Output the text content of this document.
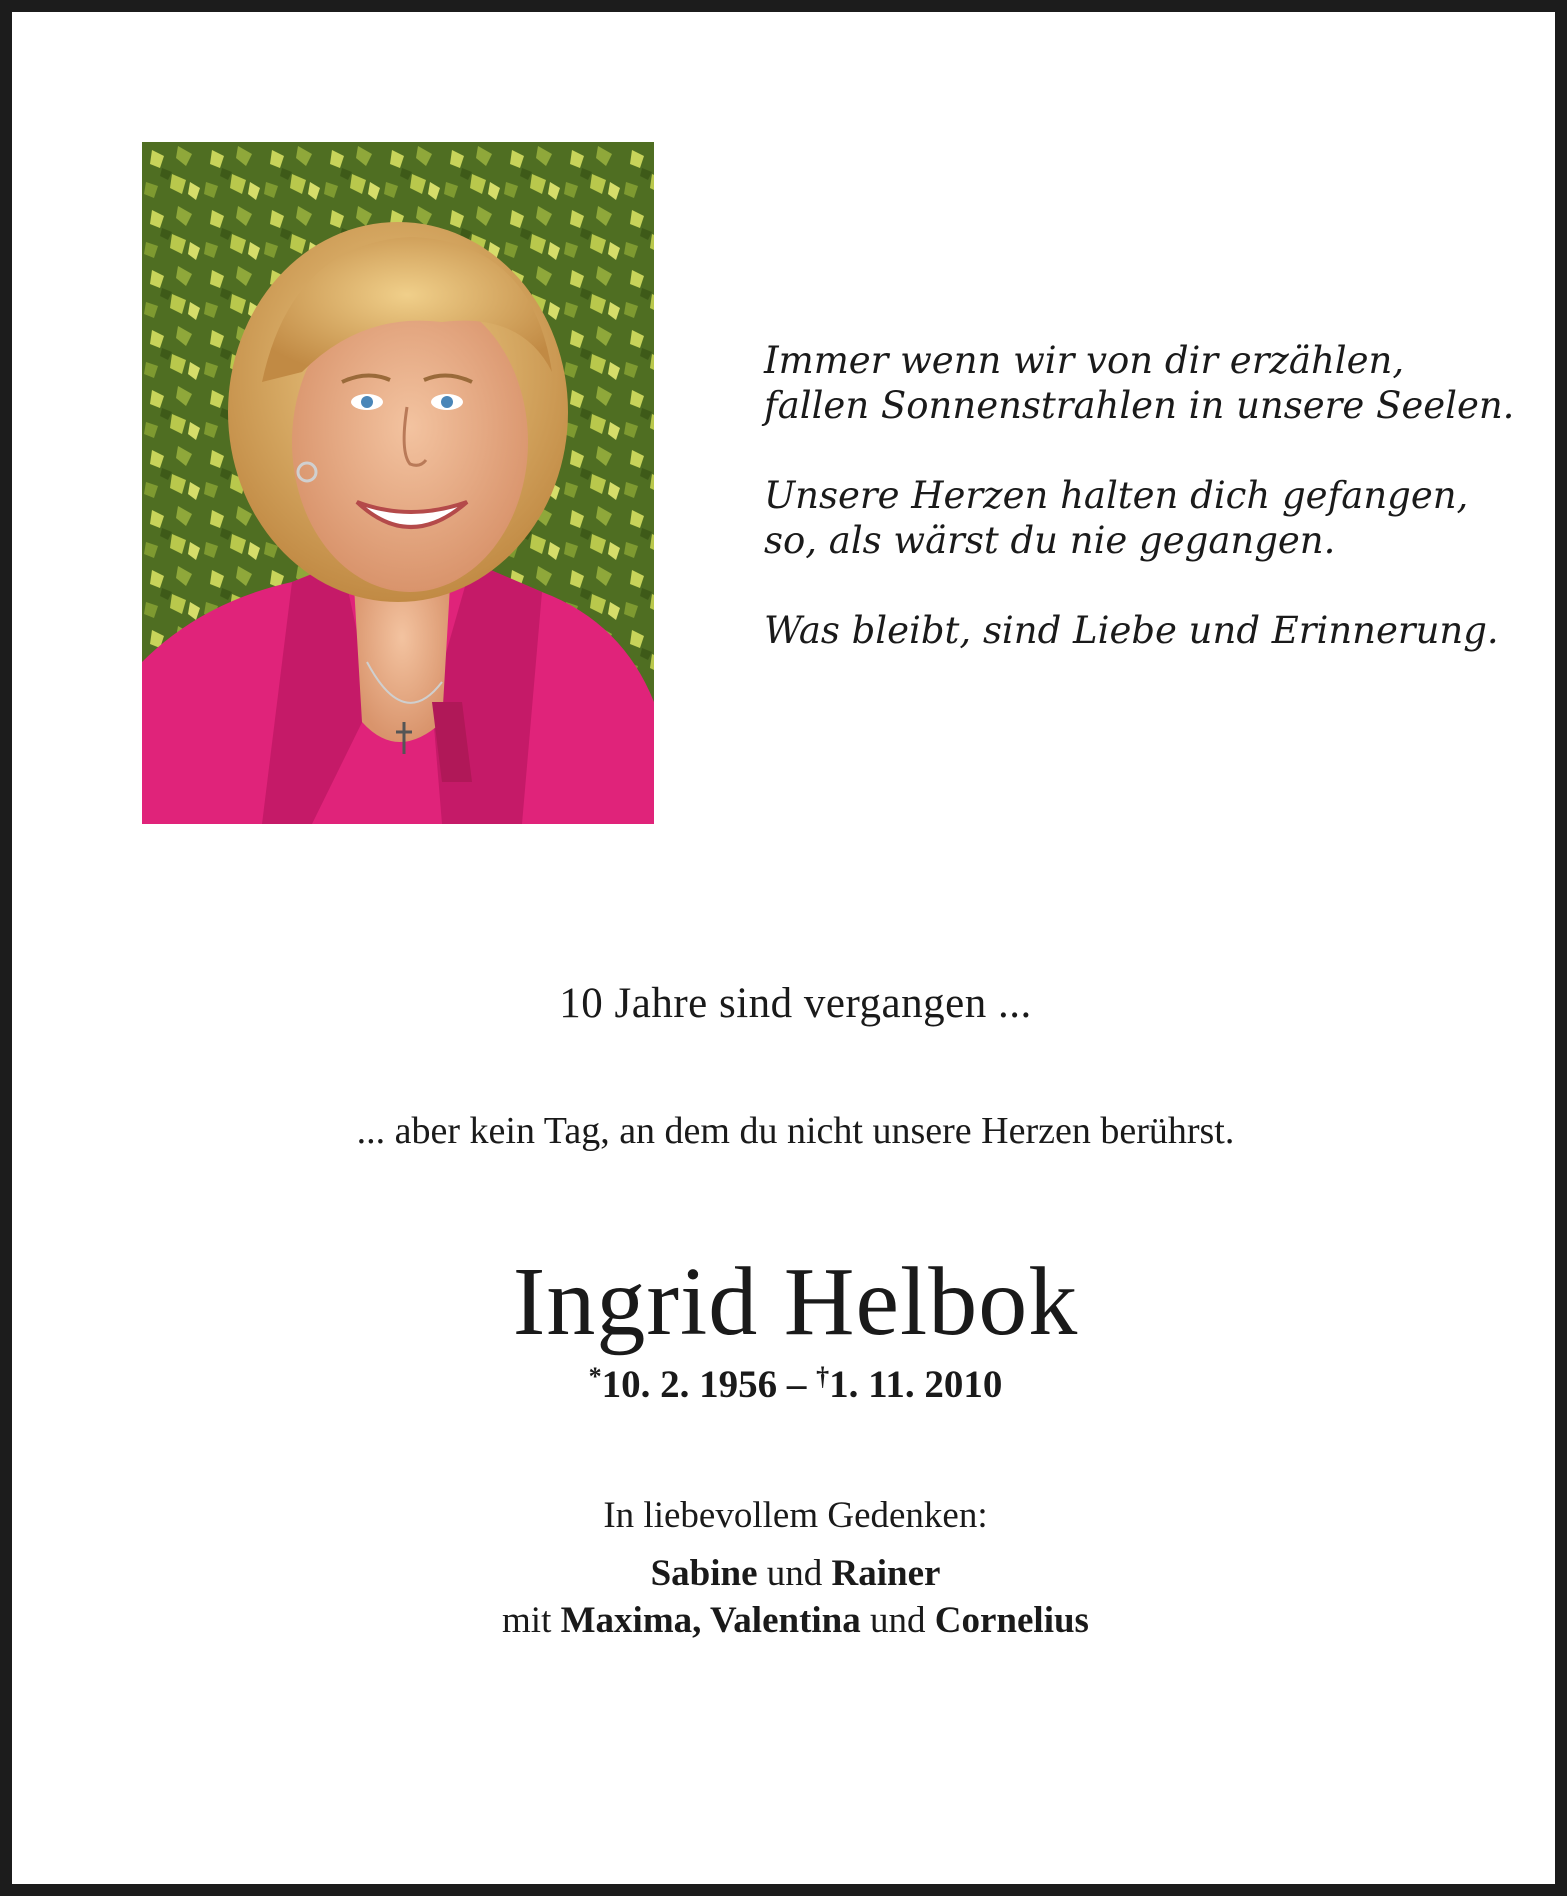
Immer wenn wir von dir erzählen,
fallen Sonnenstrahlen in unsere Seelen.
Unsere Herzen halten dich gefangen,
so, als wärst du nie gegangen.
Was bleibt, sind Liebe und Erinnerung.
10 Jahre sind vergangen ...
... aber kein Tag, an dem du nicht unsere Herzen berührst.
Ingrid Helbok
*10. 2. 1956 – †1. 11. 2010
In liebevollem Gedenken:
Sabine und Rainer
mit Maxima, Valentina und Cornelius
